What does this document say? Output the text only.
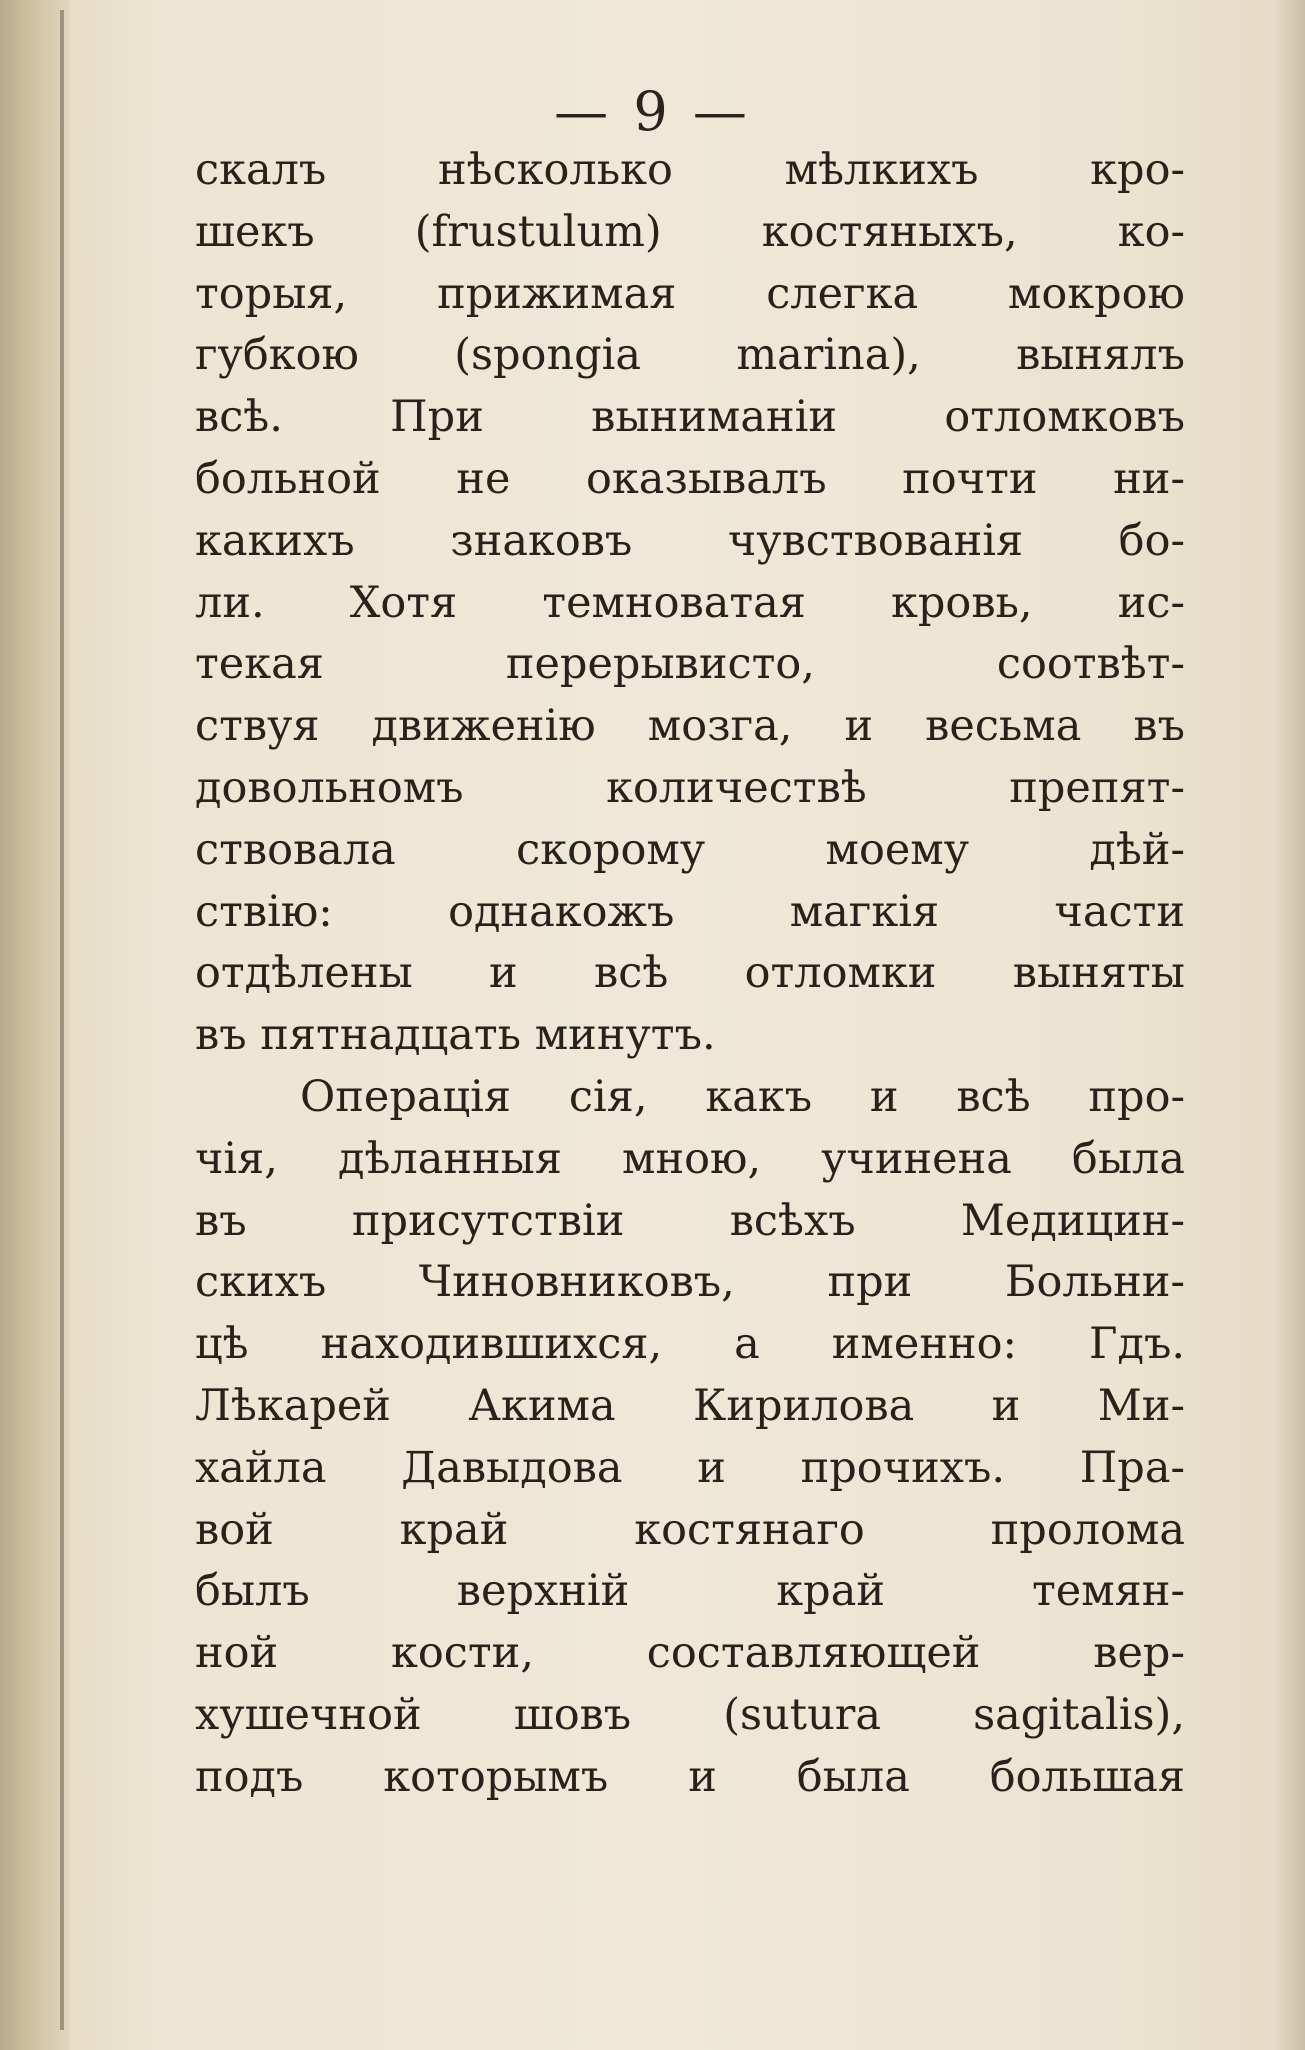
— 9 —
скалъ нѣсколько мѣлкихъ кро-
шекъ (frustulum) костяныхъ, ко-
торыя, прижимая слегка мокрою
губкою (spongia marina), вынялъ
всѣ. При выниманіи отломковъ
больной не оказывалъ почти ни-
какихъ знаковъ чувствованія бо-
ли. Хотя темноватая кровь, ис-
текая перерывисто, соотвѣт-
ствуя движенію мозга, и весьма въ
довольномъ количествѣ препят-
ствовала скорому моему дѣй-
ствію: однакожъ магкія части
отдѣлены и всѣ отломки выняты
въ пятнадцать минутъ.
Операція сія, какъ и всѣ про-
чія, дѣланныя мною, учинена была
въ присутствіи всѣхъ Медицин-
скихъ Чиновниковъ, при Больни-
цѣ находившихся, а именно: Гдъ.
Лѣкарей Акима Кирилова и Ми-
хайла Давыдова и прочихъ. Пра-
вой край костянаго пролома
былъ верхній край темян-
ной кости, составляющей вер-
хушечной шовъ (sutura sagitalis),
подъ которымъ и была большая
